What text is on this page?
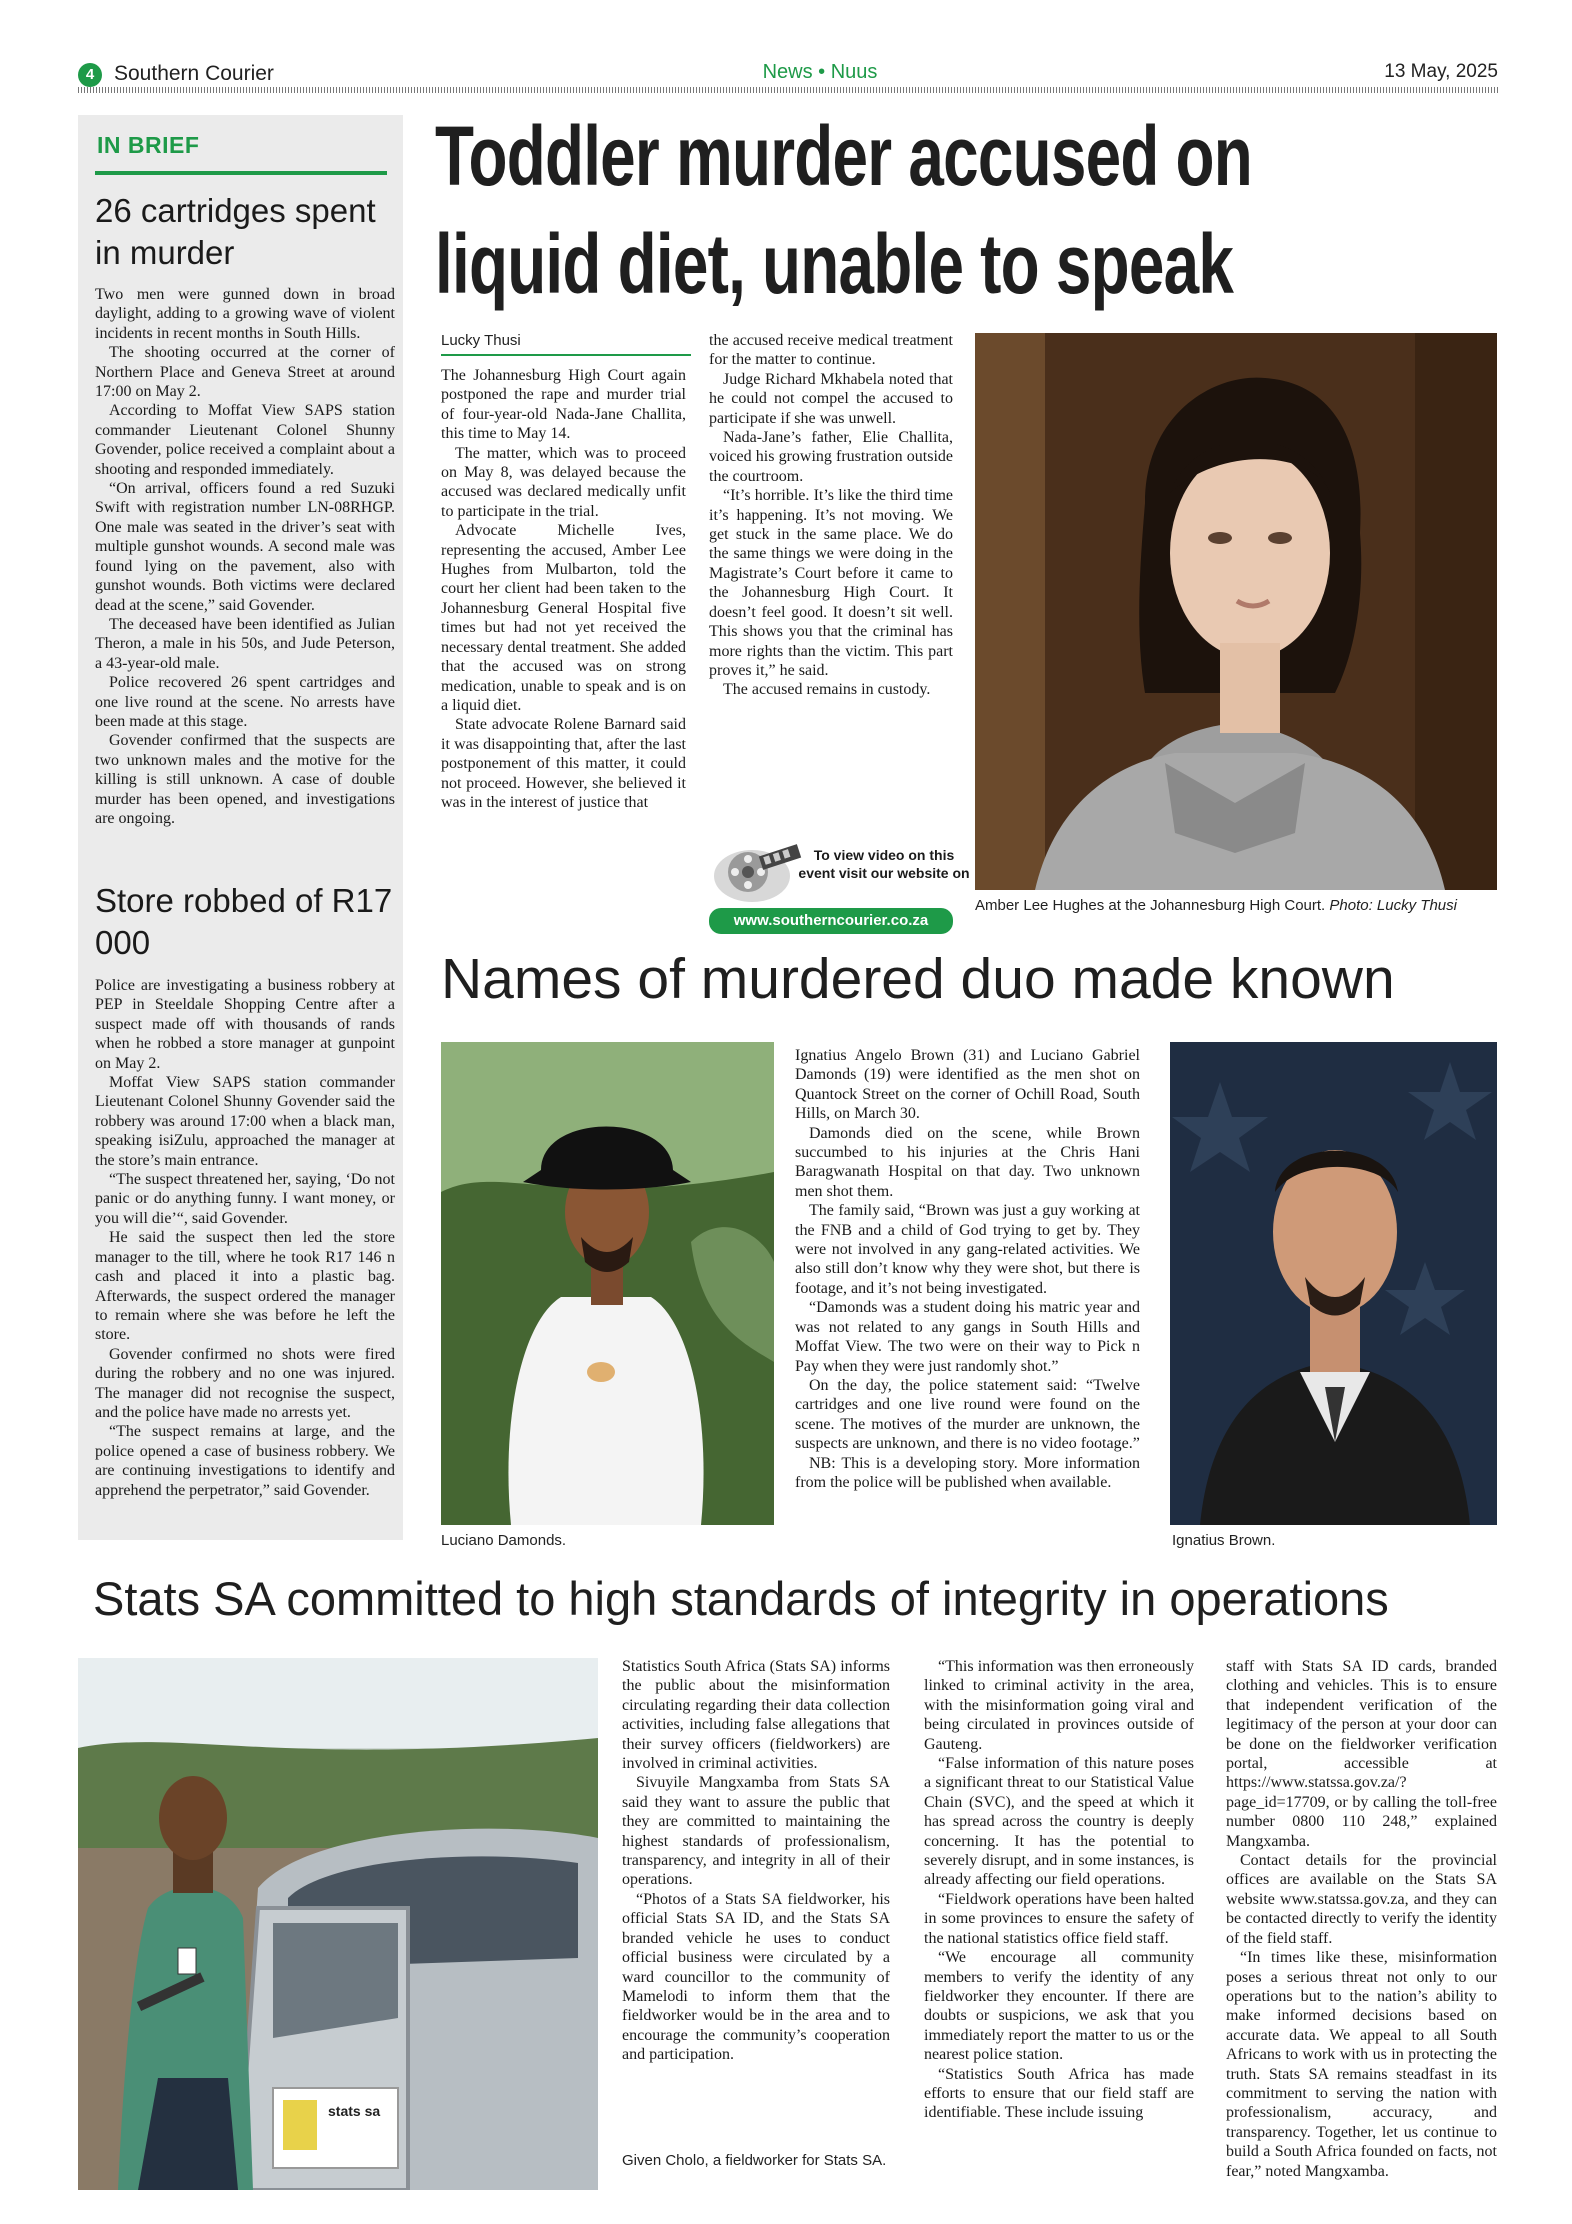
4 Southern Courier	News • Nuus	13 May, 2025
IN BRIEF
26 cartridges spent in murder

Two men were gunned down in broad daylight, adding to a growing wave of violent incidents in recent months in South Hills.

The shooting occurred at the corner of Northern Place and Geneva Street at around 17:00 on May 2.

According to Moffat View SAPS station commander Lieutenant Colonel Shunny Govender, police received a complaint about a shooting and responded immediately.

“On arrival, officers found a red Suzuki Swift with registration number LN-08RHGP. One male was seated in the driver’s seat with multiple gunshot wounds. A second male was found lying on the pavement, also with gunshot wounds. Both victims were declared dead at the scene,” said Govender.

The deceased have been identified as Julian Theron, a male in his 50s, and Jude Peterson, a 43-year-old male.

Police recovered 26 spent cartridges and one live round at the scene. No arrests have been made at this stage.

Govender confirmed that the suspects are two unknown males and the motive for the killing is still unknown. A case of double murder has been opened, and investigations are ongoing.

Store robbed of R17 000

Police are investigating a business robbery at PEP in Steeldale Shopping Centre after a suspect made off with thousands of rands when he robbed a store manager at gunpoint on May 2.

Moffat View SAPS station commander Lieutenant Colonel Shunny Govender said the robbery was around 17:00 when a black man, speaking isiZulu, approached the manager at the store’s main entrance.

“The suspect threatened her, saying, ‘Do not panic or do anything funny. I want money, or you will die’“, said Govender.

He said the suspect then led the store manager to the till, where he took R17 146 n cash and placed it into a plastic bag. Afterwards, the suspect ordered the manager to remain where she was before he left the store.

Govender confirmed no shots were fired during the robbery and no one was injured. The manager did not recognise the suspect, and the police have made no arrests yet.

“The suspect remains at large, and the police opened a case of business robbery. We are continuing investigations to identify and apprehend the perpetrator,” said Govender.

Toddler murder accused on
liquid diet, unable to speak
Lucky Thusi

The Johannesburg High Court again postponed the rape and murder trial of four-year-old Nada-Jane Challita, this time to May 14.

The matter, which was to proceed on May 8, was delayed because the accused was declared medically unfit to participate in the trial.

Advocate Michelle Ives, representing the accused, Amber Lee Hughes from Mulbarton, told the court her client had been taken to the Johannesburg General Hospital five times but had not yet received the necessary dental treatment. She added that the accused was on strong medication, unable to speak and is on a liquid diet.

State advocate Rolene Barnard said it was disappointing that, after the last postponement of this matter, it could not proceed. However, she believed it was in the interest of justice that

the accused receive medical treatment for the matter to continue.

Judge Richard Mkhabela noted that he could not compel the accused to participate if she was unwell.

Nada-Jane’s father, Elie Challita, voiced his growing frustration outside the courtroom.

“It’s horrible. It’s like the third time it’s happening. It’s not moving. We get stuck in the same place. We do the same things we were doing in the Magistrate’s Court before it came to the Johannesburg High Court. It doesn’t feel good. It doesn’t sit well. This shows you that the criminal has more rights than the victim. This part proves it,” he said.

The accused remains in custody.

To view video on this event visit our website on
www.southerncourier.co.za
Amber Lee Hughes at the Johannesburg High Court. Photo: Lucky Thusi
Names of murdered duo made known
Luciano Damonds.

Ignatius Angelo Brown (31) and Luciano Gabriel Damonds (19) were identified as the men shot on Quantock Street on the corner of Ochill Road, South Hills, on March 30.

Damonds died on the scene, while Brown succumbed to his injuries at the Chris Hani Baragwanath Hospital on that day. Two unknown men shot them.

The family said, “Brown was just a guy working at the FNB and a child of God trying to get by. They were not involved in any gang-related activities. We also still don’t know why they were shot, but there is footage, and it’s not being investigated.

“Damonds was a student doing his matric year and was not related to any gangs in South Hills and Moffat View. The two were on their way to Pick n Pay when they were just randomly shot.”

On the day, the police statement said: “Twelve cartridges and one live round were found on the scene. The motives of the murder are unknown, the suspects are unknown, and there is no video footage.”

NB: This is a developing story. More information from the police will be published when available.

Ignatius Brown.
Stats SA committed to high standards of integrity in operations
stats sa
Given Cholo, a fieldworker for Stats SA.

Statistics South Africa (Stats SA) informs the public about the misinformation circulating regarding their data collection activities, including false allegations that their survey officers (fieldworkers) are involved in criminal activities.

Sivuyile Mangxamba from Stats SA said they want to assure the public that they are committed to maintaining the highest standards of professionalism, transparency, and integrity in all of their operations.

“Photos of a Stats SA fieldworker, his official Stats SA ID, and the Stats SA branded vehicle he uses to conduct official business were circulated by a ward councillor to the community of Mamelodi to inform them that the fieldworker would be in the area and to encourage the community’s cooperation and participation.

“This information was then erroneously linked to criminal activity in the area, with the misinformation going viral and being circulated in provinces outside of Gauteng.

“False information of this nature poses a significant threat to our Statistical Value Chain (SVC), and the speed at which it has spread across the country is deeply concerning. It has the potential to severely disrupt, and in some instances, is already affecting our field operations.

“Fieldwork operations have been halted in some provinces to ensure the safety of the national statistics office field staff.

“We encourage all community members to verify the identity of any fieldworker they encounter. If there are doubts or suspicions, we ask that you immediately report the matter to us or the nearest police station.

“Statistics South Africa has made efforts to ensure that our field staff are identifiable. These include issuing

staff with Stats SA ID cards, branded clothing and vehicles. This is to ensure that independent verification of the legitimacy of the person at your door can be done on the fieldworker verification portal, accessible at https://www.statssa.gov.za/?page_id=17709, or by calling the toll-free number 0800 110 248,” explained Mangxamba.

Contact details for the provincial offices are available on the Stats SA website www.statssa.gov.za, and they can be contacted directly to verify the identity of the field staff.

“In times like these, misinformation poses a serious threat not only to our operations but to the nation’s ability to make informed decisions based on accurate data. We appeal to all South Africans to work with us in protecting the truth. Stats SA remains steadfast in its commitment to serving the nation with professionalism, accuracy, and transparency. Together, let us continue to build a South Africa founded on facts, not fear,” noted Mangxamba.
